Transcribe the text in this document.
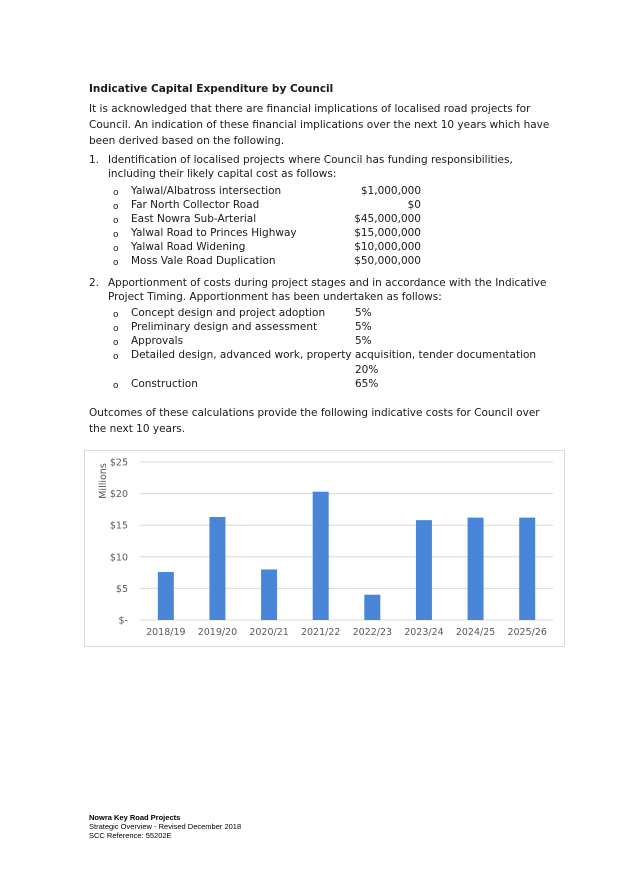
Indicative Capital Expenditure by Council
It is acknowledged that there are financial implications of localised road projects for Council. An indication of these financial implications over the next 10 years which have been derived based on the following.
1. Identification of localised projects where Council has funding responsibilities, including their likely capital cost as follows:
o Yalwal/Albatross intersection	$1,000,000
o Far North Collector Road	$0
o East Nowra Sub-Arterial	$45,000,000
o Yalwal Road to Princes Highway	$15,000,000
o Yalwal Road Widening	$10,000,000
o Moss Vale Road Duplication	$50,000,000
2. Apportionment of costs during project stages and in accordance with the Indicative Project Timing. Apportionment has been undertaken as follows:
o Concept design and project adoption	5%
o Preliminary design and assessment	5%
o Approvals	5%
o Detailed design, advanced work, property acquisition, tender documentation
20%
o Construction	65%
Outcomes of these calculations provide the following indicative costs for Council over the next 10 years.
$-
$5
$10
$15
$20
$25
2018/19 2019/20 2020/21 2021/22 2022/23 2023/24 2024/25 2025/26
Millions
Nowra Key Road Projects
Strategic Overview - Revised December 2018
SCC Reference: 55202E
